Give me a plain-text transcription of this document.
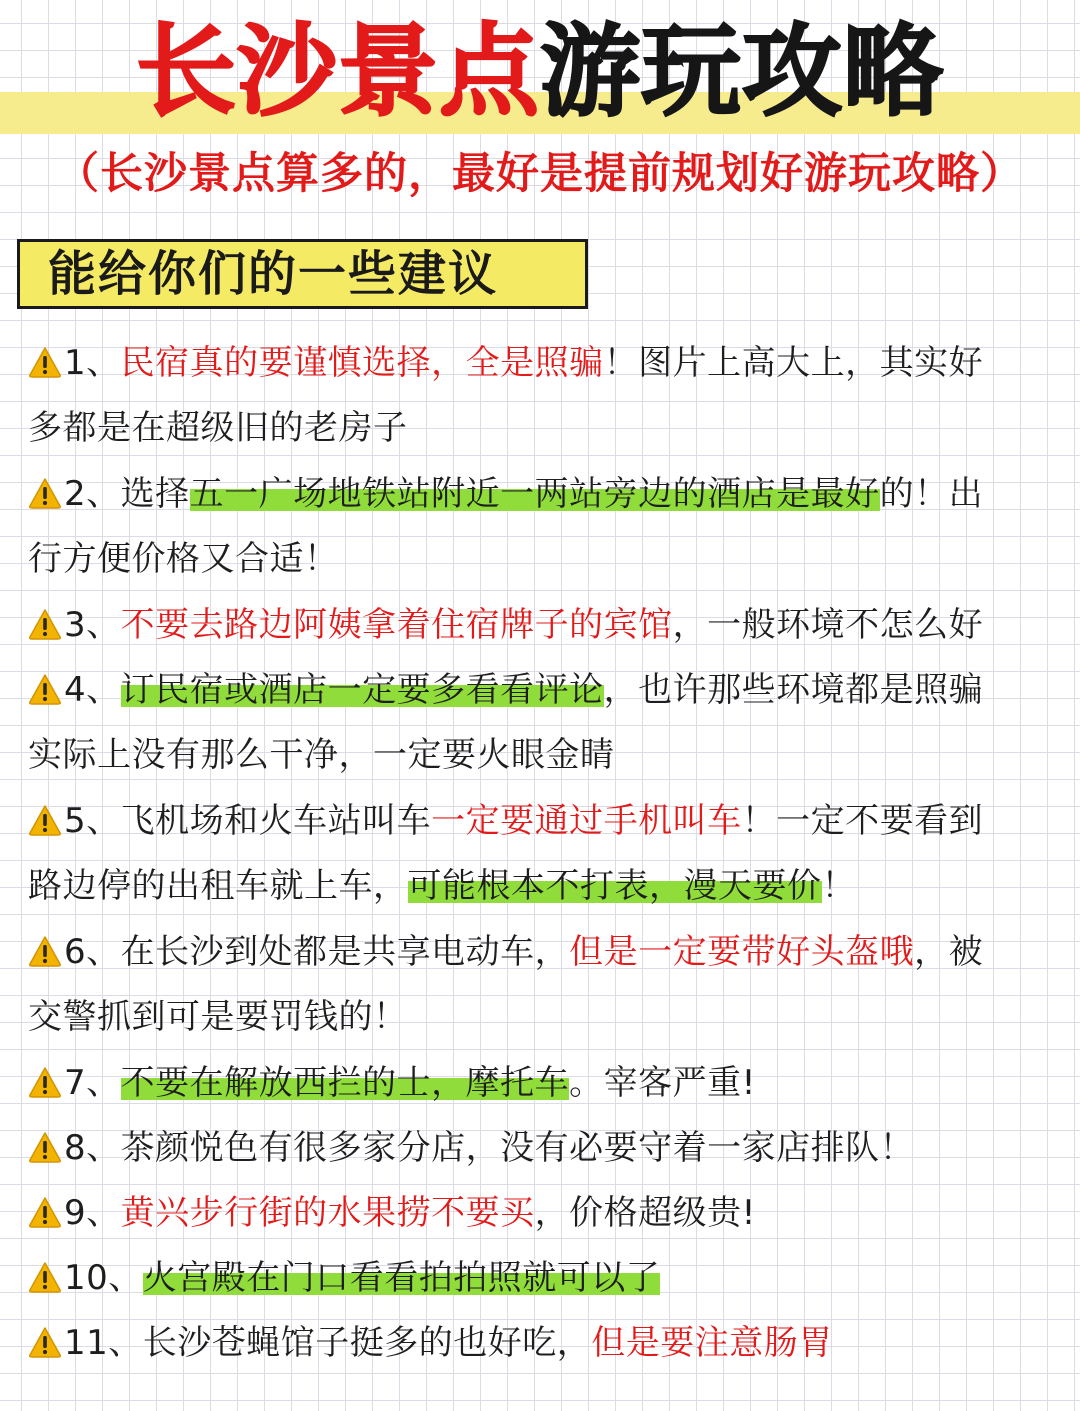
长沙景点游玩攻略
（长沙景点算多的，最好是提前规划好游玩攻略）
能给你们的一些建议

1、民宿真的要谨慎选择，全是照骗！图片上高大上，其实好

多都是在超级旧的老房子

2、选择五一广场地铁站附近一两站旁边的酒店是最好的！出

行方便价格又合适！

3、不要去路边阿姨拿着住宿牌子的宾馆，一般环境不怎么好

4、订民宿或酒店一定要多看看评论，也许那些环境都是照骗

实际上没有那么干净，一定要火眼金睛

5、飞机场和火车站叫车一定要通过手机叫车！一定不要看到

路边停的出租车就上车，可能根本不打表，漫天要价！

6、在长沙到处都是共享电动车，但是一定要带好头盔哦，被

交警抓到可是要罚钱的！

7、不要在解放西拦的士，摩托车。宰客严重!

8、茶颜悦色有很多家分店，没有必要守着一家店排队！

9、黄兴步行街的水果捞不要买，价格超级贵!

10、火宫殿在门口看看拍拍照就可以了

11、长沙苍蝇馆子挺多的也好吃，但是要注意肠胃
